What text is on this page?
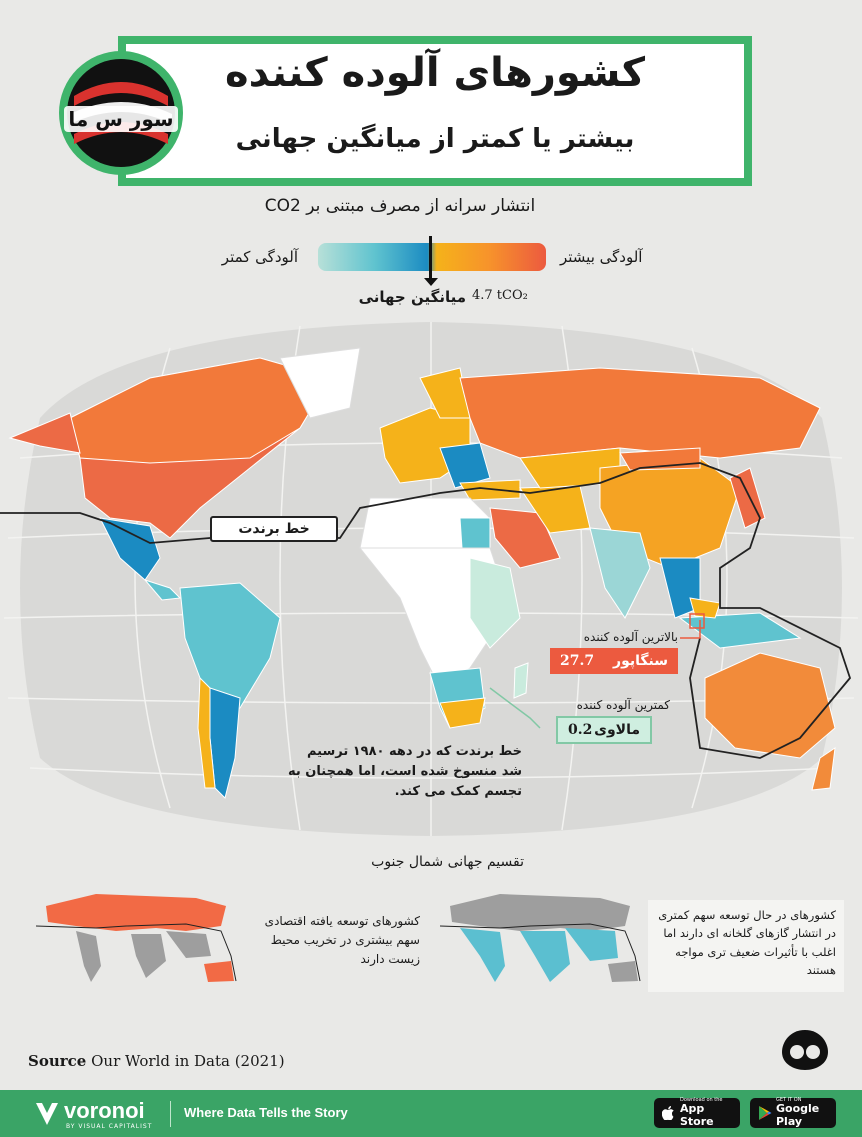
کشورهای آلوده کننده
بیشتر یا کمتر از میانگین جهانی
سور س ما
انتشار سرانه از مصرف مبتنی بر CO2
آلودگی کمتر	آلودگی بیشتر
میانگین جهانی 4.7 tCO₂
خط برندت
خط برندت که در دهه ۱۹۸۰ ترسیم شد منسوخ شده است، اما همچنان به تجسم کمک می کند.
بالاترین آلوده کننده
سنگاپور
27.7
کمترین آلوده کننده
مالاوی
0.2
تقسیم جهانی شمال جنوب
کشورهای توسعه یافته اقتصادی سهم بیشتری در تخریب محیط زیست دارند
کشورهای در حال توسعه سهم کمتری در انتشار گازهای گلخانه ای دارند اما اغلب با تأثیرات ضعیف تری مواجه هستند
Source Our World in Data (2021)
voronoi
BY VISUAL CAPITALIST
Where Data Tells the Story
Download on the
App Store
GET IT ON
Google Play
